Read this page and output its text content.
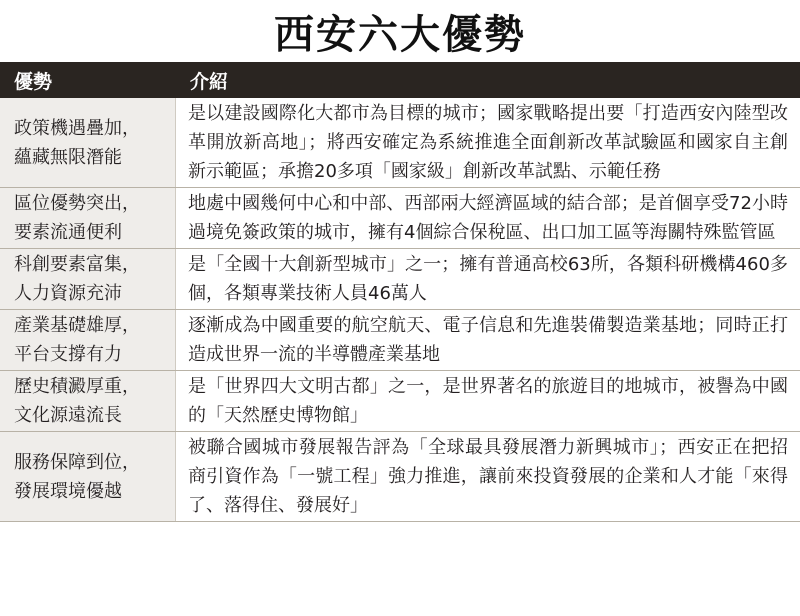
西安六大優勢
優勢	介紹
政策機遇疊加，
蘊藏無限潛能
是以建設國際化大都市為目標的城市；國家戰略提出要「打造西安內陸型改革開放新高地」；將西安確定為系統推進全面創新改革試驗區和國家自主創新示範區；承擔20多項「國家級」創新改革試點、示範任務
區位優勢突出，
要素流通便利
地處中國幾何中心和中部、西部兩大經濟區域的結合部；是首個享受72小時過境免簽政策的城市，擁有4個綜合保稅區、出口加工區等海關特殊監管區
科創要素富集，
人力資源充沛
是「全國十大創新型城市」之一；擁有普通高校63所，各類科研機構460多個，各類專業技術人員46萬人
產業基礎雄厚，
平台支撐有力
逐漸成為中國重要的航空航天、電子信息和先進裝備製造業基地；同時正打造成世界一流的半導體產業基地
歷史積澱厚重，
文化源遠流長
是「世界四大文明古都」之一，是世界著名的旅遊目的地城市，被譽為中國的「天然歷史博物館」
服務保障到位，
發展環境優越
被聯合國城市發展報告評為「全球最具發展潛力新興城市」；西安正在把招商引資作為「一號工程」強力推進，讓前來投資發展的企業和人才能「來得了、落得住、發展好」
